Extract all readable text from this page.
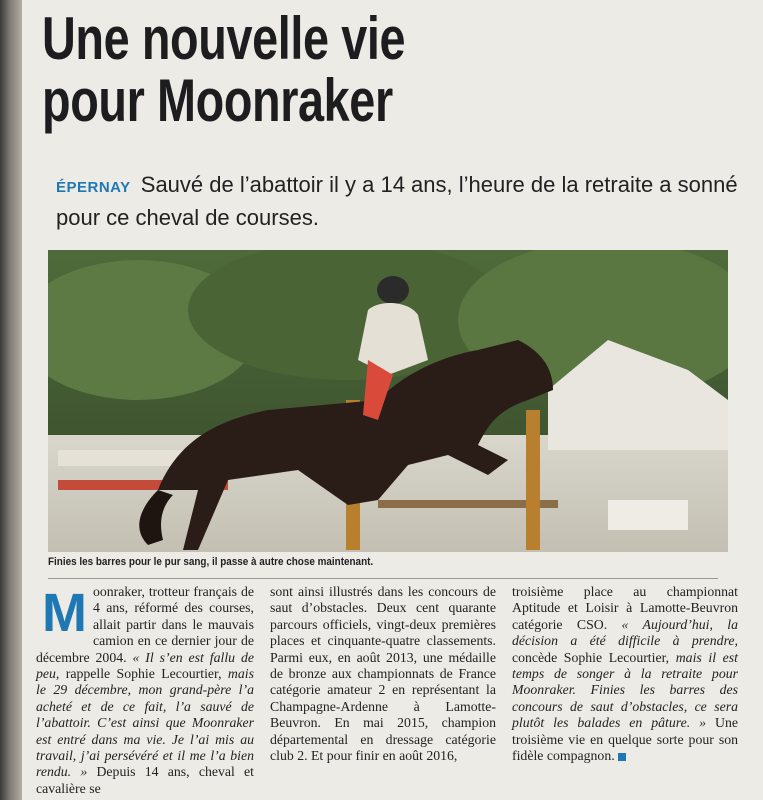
Une nouvelle vie
pour Moonraker
ÉPERNAY Sauvé de l’abattoir il y a 14 ans, l’heure de la retraite a sonné pour ce cheval de courses.
Finies les barres pour le pur sang, il passe à autre chose maintenant.

M oonraker, trotteur français de 4 ans, réformé des courses, allait partir dans le mauvais camion en ce dernier jour de décembre 2004. « Il s’en est fallu de peu, rappelle Sophie Lecourtier, mais le 29 décembre, mon grand-père l’a acheté et de ce fait, l’a sauvé de l’abattoir. C’est ainsi que Moonraker est entré dans ma vie. Je l’ai mis au travail, j’ai persévéré et il me l’a bien rendu. » Depuis 14 ans, cheval et cavalière se

sont ainsi illustrés dans les concours de saut d’obstacles. Deux cent quarante parcours officiels, vingt-deux premières places et cinquante-quatre classements. Parmi eux, en août 2013, une médaille de bronze aux championnats de France catégorie amateur 2 en représentant la Champagne-Ardenne à Lamotte-Beuvron. En mai 2015, champion départemental en dressage catégorie club 2. Et pour finir en août 2016,

troisième place au championnat Aptitude et Loisir à Lamotte-Beuvron catégorie CSO. « Aujourd’hui, la décision a été difficile à prendre, concède Sophie Lecourtier, mais il est temps de songer à la retraite pour Moonraker. Finies les barres des concours de saut d’obstacles, ce sera plutôt les balades en pâture. » Une troisième vie en quelque sorte pour son fidèle compagnon.
